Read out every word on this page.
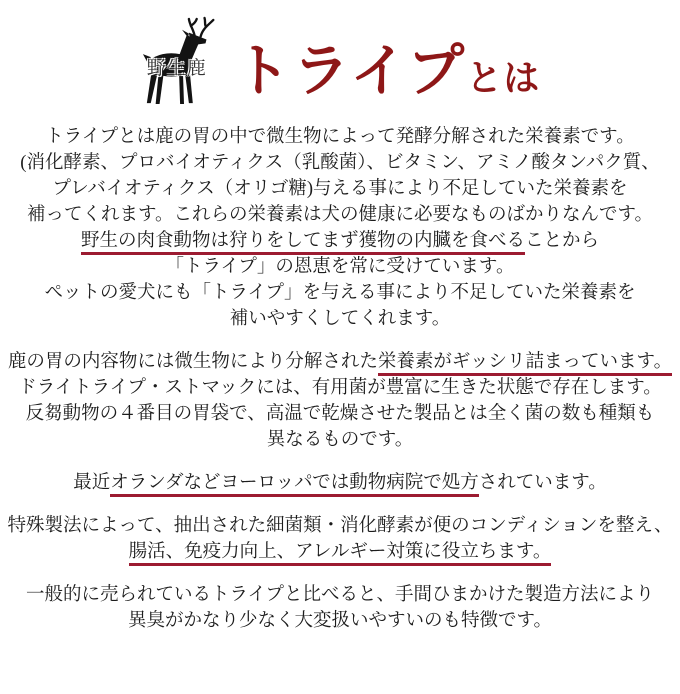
野生鹿 トライプとは

トライプとは鹿の胃の中で微生物によって発酵分解された栄養素です。
(消化酵素、プロバイオティクス（乳酸菌）、ビタミン、アミノ酸タンパク質、
プレバイオティクス（オリゴ糖)与える事により不足していた栄養素を
補ってくれます。これらの栄養素は犬の健康に必要なものばかりなんです。
野生の肉食動物は狩りをしてまず獲物の内臓を食べることから
「トライプ」の恩恵を常に受けています。
ペットの愛犬にも「トライプ」を与える事により不足していた栄養素を
補いやすくしてくれます。

鹿の胃の内容物には微生物により分解された栄養素がギッシリ詰まっています。
ドライトライプ・ストマックには、有用菌が豊富に生きた状態で存在します。
反芻動物の４番目の胃袋で、高温で乾燥させた製品とは全く菌の数も種類も
異なるものです。

最近オランダなどヨーロッパでは動物病院で処方されています。

特殊製法によって、抽出された細菌類・消化酵素が便のコンディションを整え、
腸活、免疫力向上、アレルギー対策に役立ちます。

一般的に売られているトライプと比べると、手間ひまかけた製造方法により
異臭がかなり少なく大変扱いやすいのも特徴です。
